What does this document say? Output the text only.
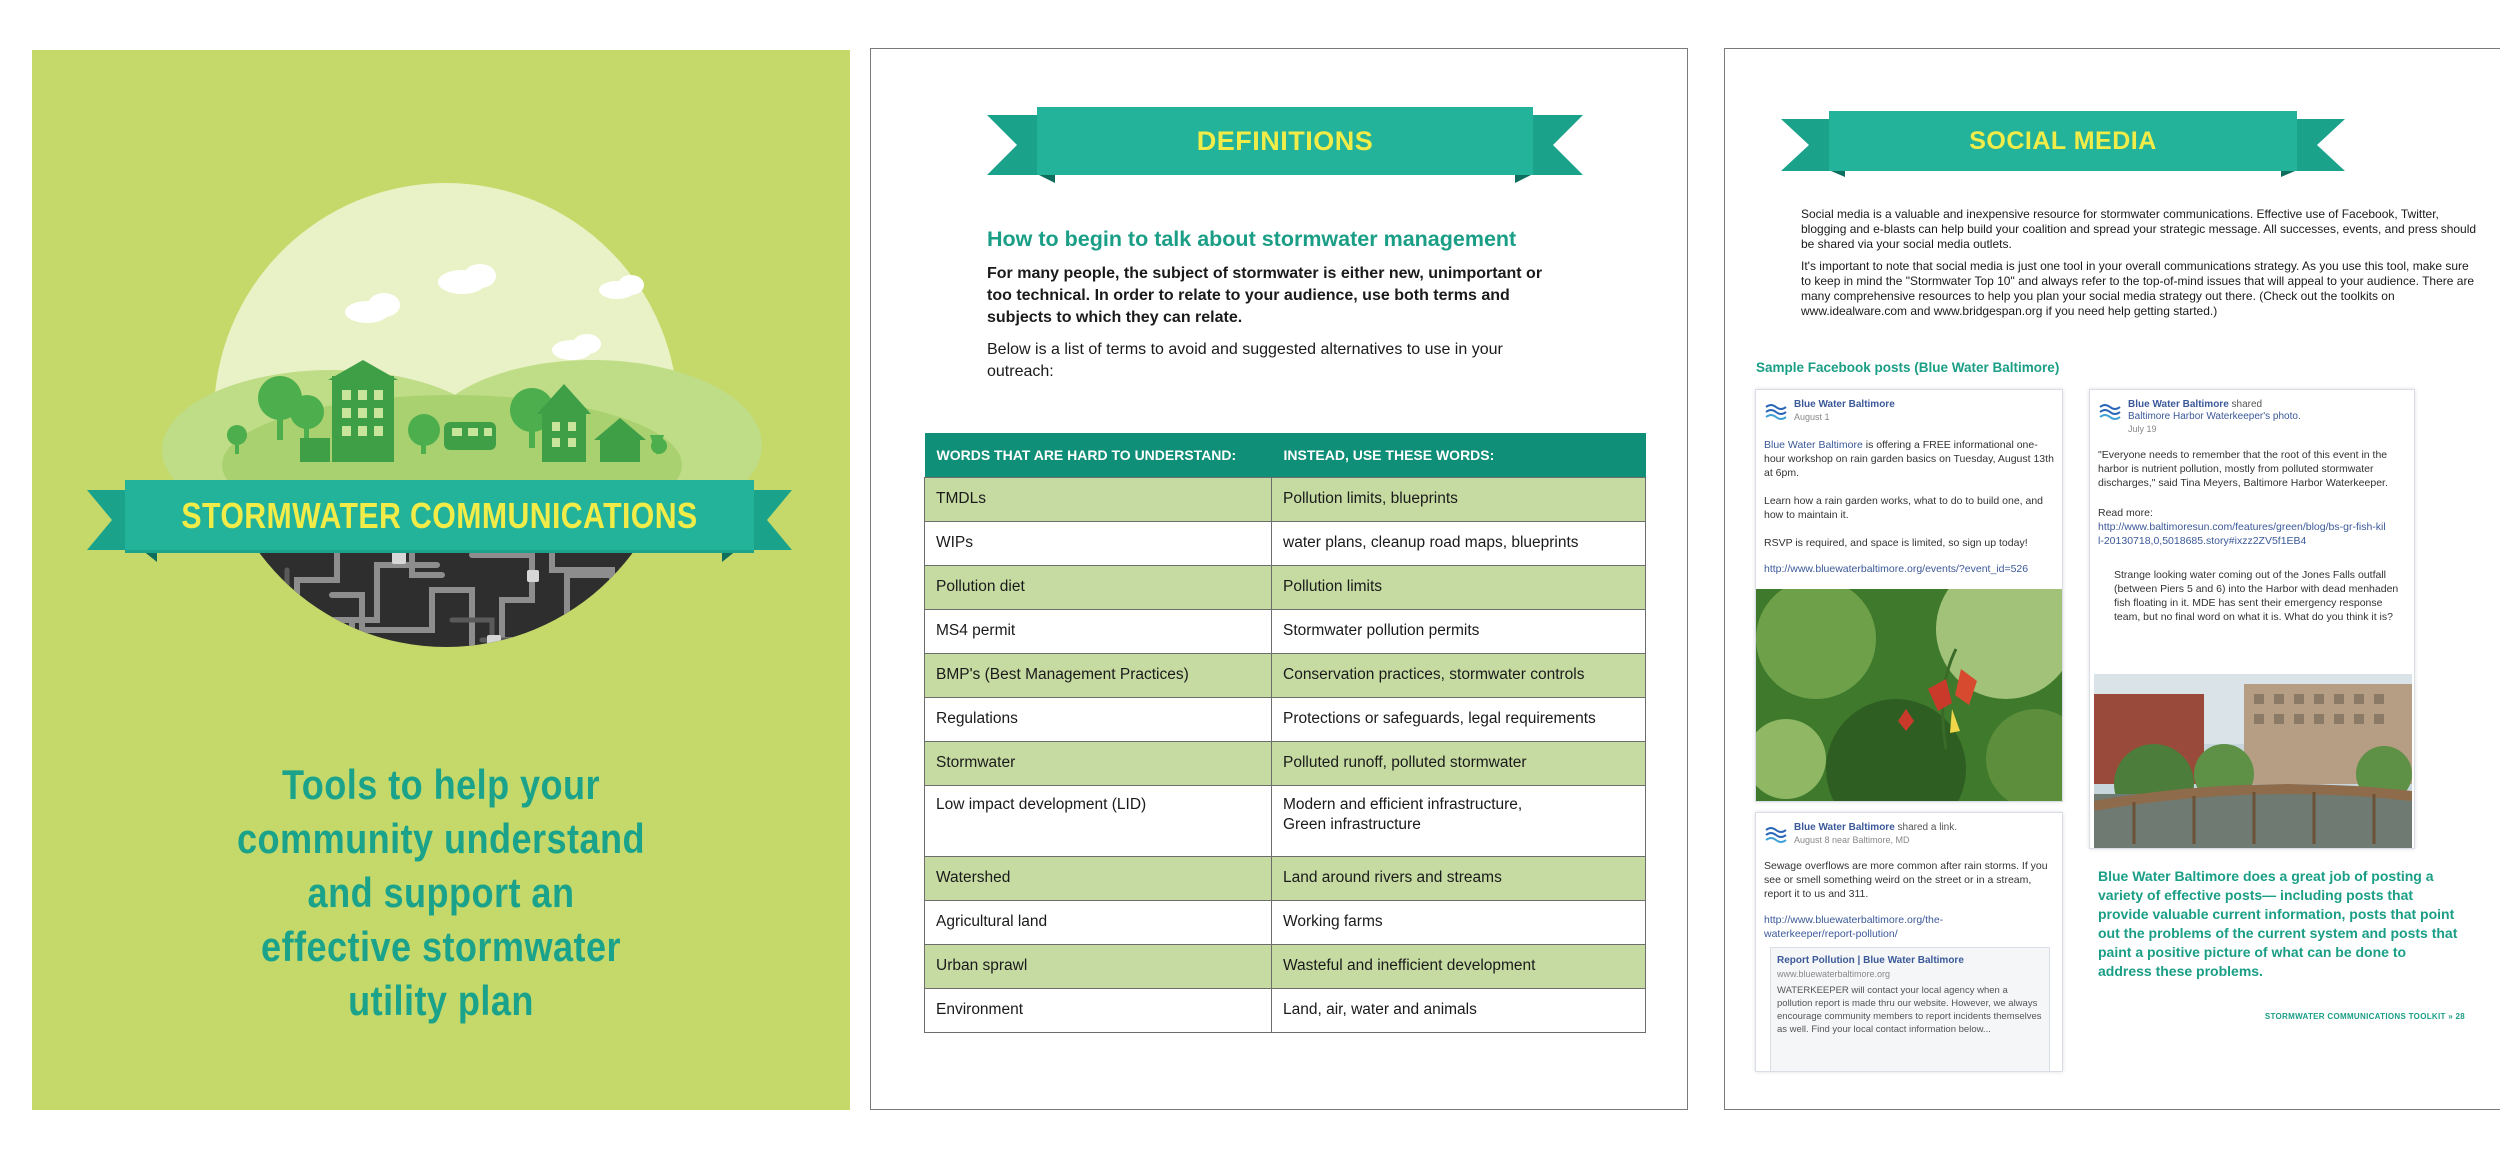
STORMWATER COMMUNICATIONS
Tools to help your
community understand
and support an
effective stormwater
utility plan
DEFINITIONS
How to begin to talk about stormwater management
For many people, the subject of stormwater is either new, unimportant or too technical. In order to relate to your audience, use both terms and subjects to which they can relate.
Below is a list of terms to avoid and suggested alternatives to use in your outreach:
WORDS THAT ARE HARD TO UNDERSTAND:	INSTEAD, USE THESE WORDS:
TMDLs	Pollution limits, blueprints
WIPs	water plans, cleanup road maps, blueprints
Pollution diet	Pollution limits
MS4 permit	Stormwater pollution permits
BMP's (Best Management Practices)	Conservation practices, stormwater controls
Regulations	Protections or safeguards, legal requirements
Stormwater	Polluted runoff, polluted stormwater
Low impact development (LID)	Modern and efficient infrastructure, Green infrastructure
Watershed	Land around rivers and streams
Agricultural land	Working farms
Urban sprawl	Wasteful and inefficient development
Environment	Land, air, water and animals
SOCIAL MEDIA
Social media is a valuable and inexpensive resource for stormwater communications. Effective use of Facebook, Twitter, blogging and e-blasts can help build your coalition and spread your strategic message. All successes, events, and press should be shared via your social media outlets.
It's important to note that social media is just one tool in your overall communications strategy. As you use this tool, make sure to keep in mind the "Stormwater Top 10" and always refer to the top-of-mind issues that will appeal to your audience. There are many comprehensive resources to help you plan your social media strategy out there. (Check out the toolkits on www.idealware.com and www.bridgespan.org if you need help getting started.)
Sample Facebook posts (Blue Water Baltimore)
Blue Water Baltimore
August 1
Blue Water Baltimore is offering a FREE informational one-hour workshop on rain garden basics on Tuesday, August 13th at 6pm.
Learn how a rain garden works, what to do to build one, and how to maintain it.
RSVP is required, and space is limited, so sign up today!
http://www.bluewaterbaltimore.org/events/?event_id=526
Blue Water Baltimore shared
Baltimore Harbor Waterkeeper's photo.
July 19
"Everyone needs to remember that the root of this event in the harbor is nutrient pollution, mostly from polluted stormwater discharges," said Tina Meyers, Baltimore Harbor Waterkeeper.
Read more:
http://www.baltimoresun.com/features/green/blog/bs-gr-fish-kill-20130718,0,5018685.story#ixzz2ZV5f1EB4
Strange looking water coming out of the Jones Falls outfall (between Piers 5 and 6) into the Harbor with dead menhaden fish floating in it. MDE has sent their emergency response team, but no final word on what it is. What do you think it is?
Blue Water Baltimore shared a link.
August 8 near Baltimore, MD
Sewage overflows are more common after rain storms. If you see or smell something weird on the street or in a stream, report it to us and 311.
http://www.bluewaterbaltimore.org/the-waterkeeper/report-pollution/
Report Pollution | Blue Water Baltimore
www.bluewaterbaltimore.org
WATERKEEPER will contact your local agency when a pollution report is made thru our website. However, we always encourage community members to report incidents themselves as well. Find your local contact information below...
Blue Water Baltimore does a great job of posting a variety of effective posts— including posts that provide valuable current information, posts that point out the problems of the current system and posts that paint a positive picture of what can be done to address these problems.
STORMWATER COMMUNICATIONS TOOLKIT » 28
